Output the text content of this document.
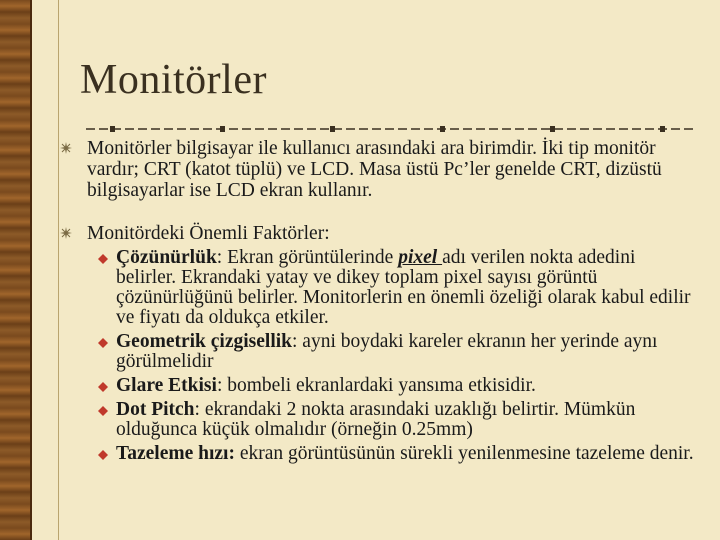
Monitörler
Monitörler bilgisayar ile kullanıcı arasındaki ara birimdir. İki tip monitör vardır; CRT (katot tüplü) ve LCD. Masa üstü Pc’ler genelde CRT, dizüstü bilgisayarlar ise LCD ekran kullanır.
Monitördeki Önemli Faktörler:
Çözünürlük: Ekran görüntülerinde pixel adı verilen nokta adedini belirler. Ekrandaki yatay ve dikey toplam pixel sayısı görüntü çözünürlüğünü belirler. Monitorlerin en önemli özeliği olarak kabul edilir ve fiyatı da oldukça etkiler.
Geometrik çizgisellik: ayni boydaki kareler ekranın her yerinde aynı görülmelidir
Glare Etkisi: bombeli ekranlardaki yansıma etkisidir.
Dot Pitch: ekrandaki 2 nokta arasındaki uzaklığı belirtir. Mümkün olduğunca küçük olmalıdır (örneğin 0.25mm)
Tazeleme hızı: ekran görüntüsünün sürekli yenilenmesine tazeleme denir.
